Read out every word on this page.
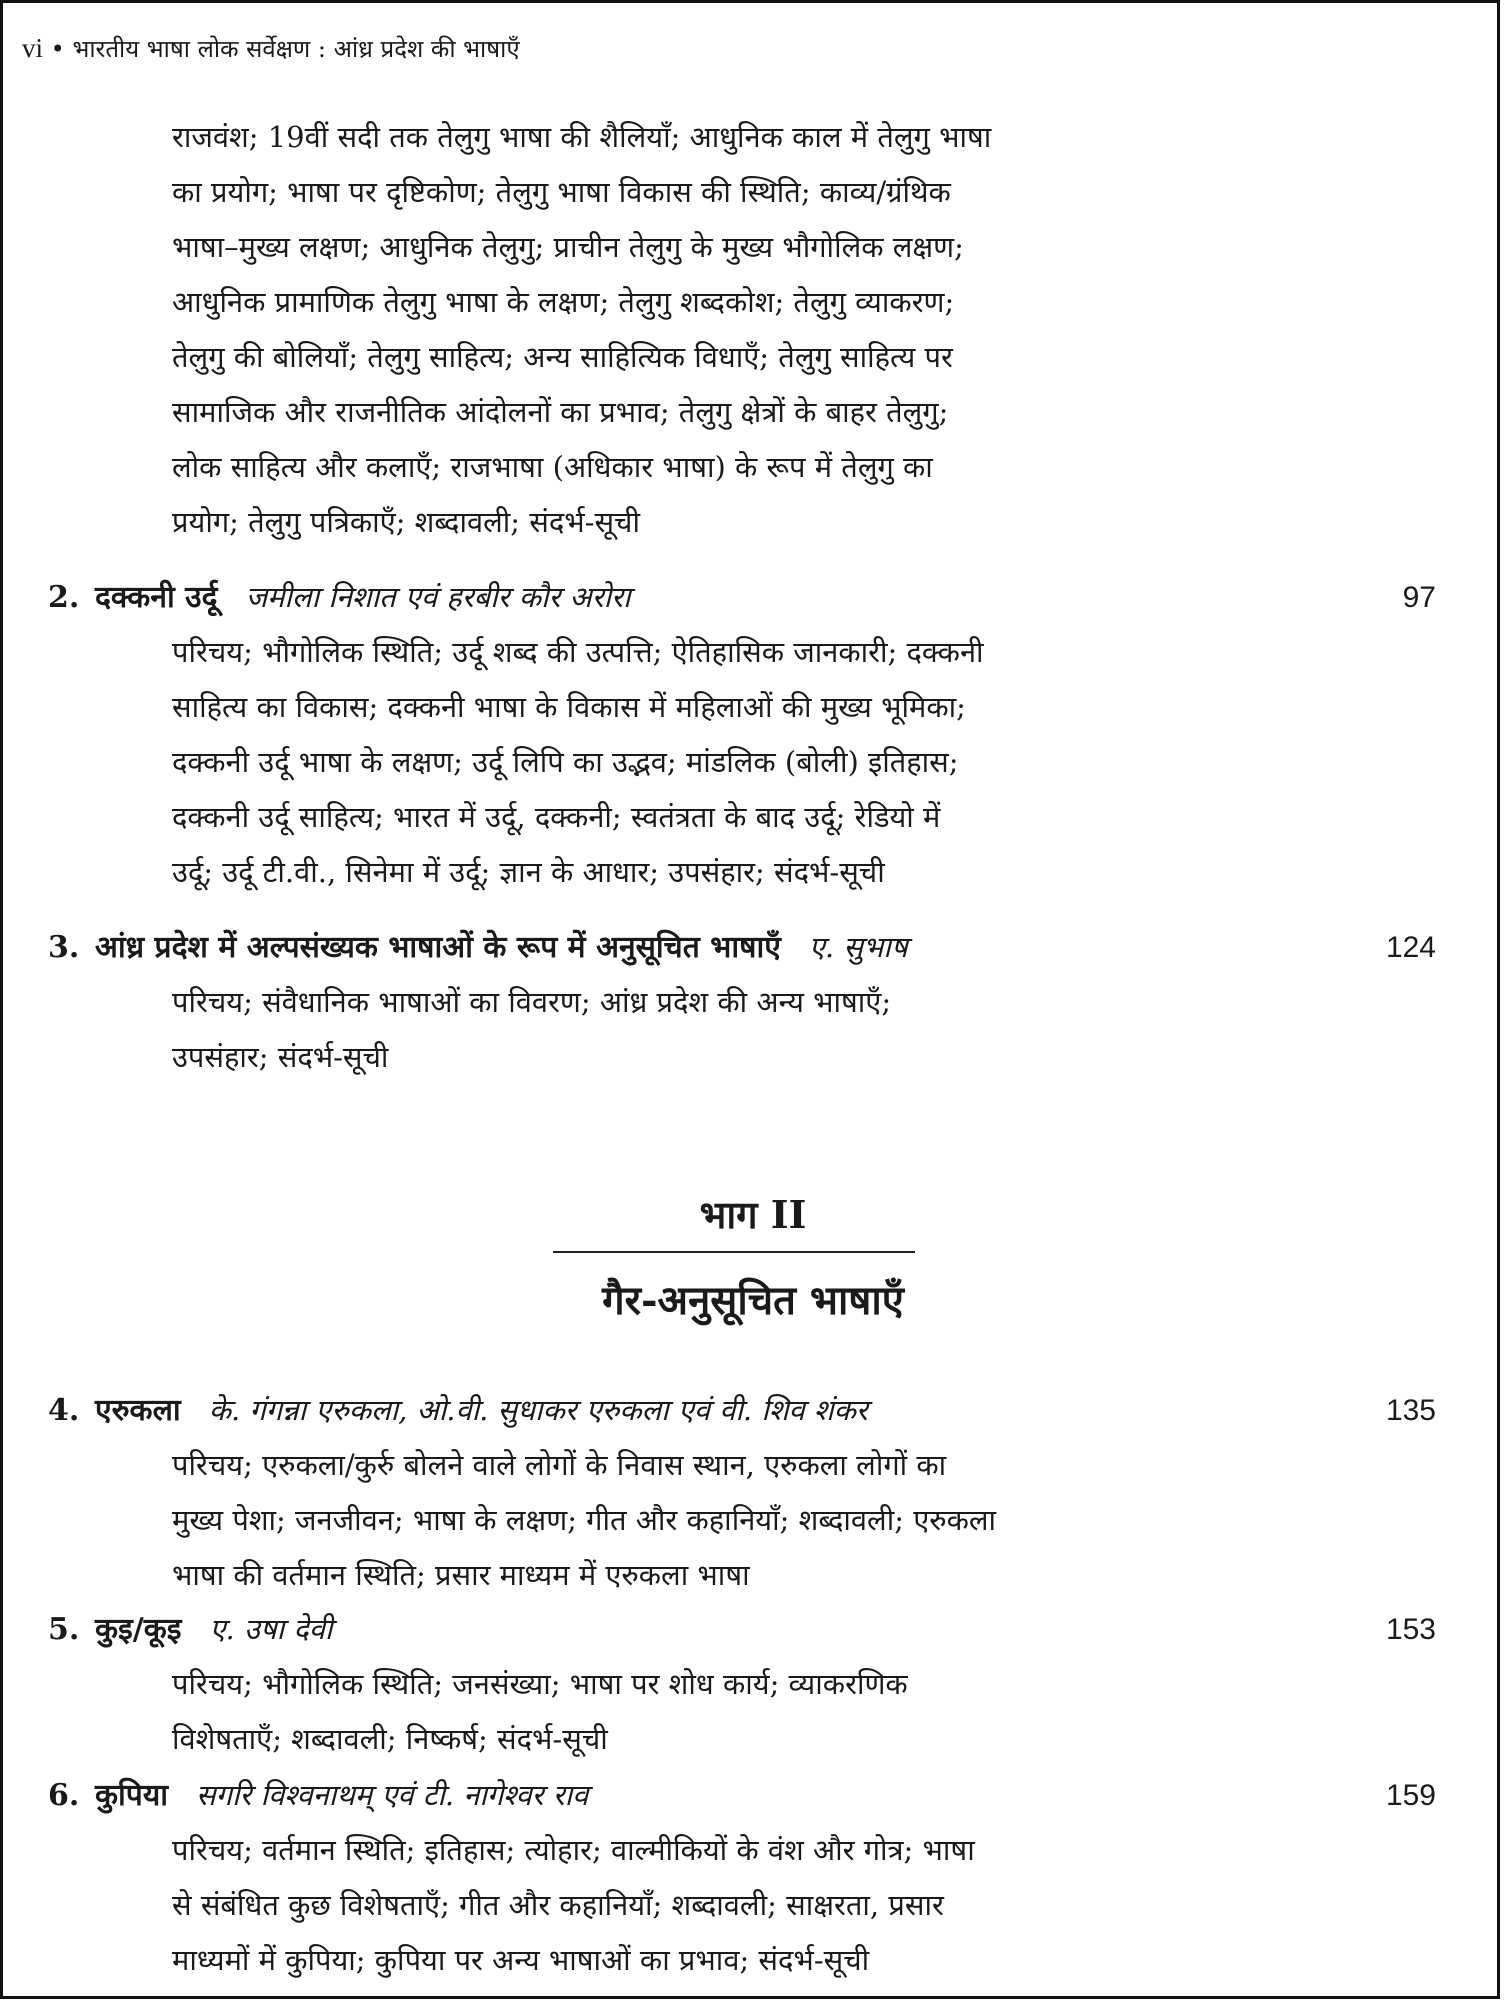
vi • भारतीय भाषा लोक सर्वेक्षण : आंध्र प्रदेश की भाषाएँ
राजवंश; 19वीं सदी तक तेलुगु भाषा की शैलियाँ; आधुनिक काल में तेलुगु भाषा
का प्रयोग; भाषा पर दृष्टिकोण; तेलुगु भाषा विकास की स्थिति; काव्य/ग्रंथिक
भाषा–मुख्य लक्षण; आधुनिक तेलुगु; प्राचीन तेलुगु के मुख्य भौगोलिक लक्षण;
आधुनिक प्रामाणिक तेलुगु भाषा के लक्षण; तेलुगु शब्दकोश; तेलुगु व्याकरण;
तेलुगु की बोलियाँ; तेलुगु साहित्य; अन्य साहित्यिक विधाएँ; तेलुगु साहित्य पर
सामाजिक और राजनीतिक आंदोलनों का प्रभाव; तेलुगु क्षेत्रों के बाहर तेलुगु;
लोक साहित्य और कलाएँ; राजभाषा (अधिकार भाषा) के रूप में तेलुगु का
प्रयोग; तेलुगु पत्रिकाएँ; शब्दावली; संदर्भ-सूची
2. दक्कनी उर्दू जमीला निशात एवं हरबीर कौर अरोरा	97
परिचय; भौगोलिक स्थिति; उर्दू शब्द की उत्पत्ति; ऐतिहासिक जानकारी; दक्कनी
साहित्य का विकास; दक्कनी भाषा के विकास में महिलाओं की मुख्य भूमिका;
दक्कनी उर्दू भाषा के लक्षण; उर्दू लिपि का उद्भव; मांडलिक (बोली) इतिहास;
दक्कनी उर्दू साहित्य; भारत में उर्दू, दक्कनी; स्वतंत्रता के बाद उर्दू; रेडियो में
उर्दू; उर्दू टी.वी., सिनेमा में उर्दू; ज्ञान के आधार; उपसंहार; संदर्भ-सूची
3. आंध्र प्रदेश में अल्पसंख्यक भाषाओं के रूप में अनुसूचित भाषाएँ ए. सुभाष	124
परिचय; संवैधानिक भाषाओं का विवरण; आंध्र प्रदेश की अन्य भाषाएँ;
उपसंहार; संदर्भ-सूची
भाग II
गैर-अनुसूचित भाषाएँ
4. एरुकला के. गंगन्ना एरुकला, ओ.वी. सुधाकर एरुकला एवं वी. शिव शंकर	135
परिचय; एरुकला/कुर्रु बोलने वाले लोगों के निवास स्थान, एरुकला लोगों का
मुख्य पेशा; जनजीवन; भाषा के लक्षण; गीत और कहानियाँ; शब्दावली; एरुकला
भाषा की वर्तमान स्थिति; प्रसार माध्यम में एरुकला भाषा
5. कुइ/कूइ ए. उषा देवी	153
परिचय; भौगोलिक स्थिति; जनसंख्या; भाषा पर शोध कार्य; व्याकरणिक
विशेषताएँ; शब्दावली; निष्कर्ष; संदर्भ-सूची
6. कुपिया सगरि विश्वनाथम् एवं टी. नागेश्वर राव	159
परिचय; वर्तमान स्थिति; इतिहास; त्योहार; वाल्मीकियों के वंश और गोत्र; भाषा
से संबंधित कुछ विशेषताएँ; गीत और कहानियाँ; शब्दावली; साक्षरता, प्रसार
माध्यमों में कुपिया; कुपिया पर अन्य भाषाओं का प्रभाव; संदर्भ-सूची
